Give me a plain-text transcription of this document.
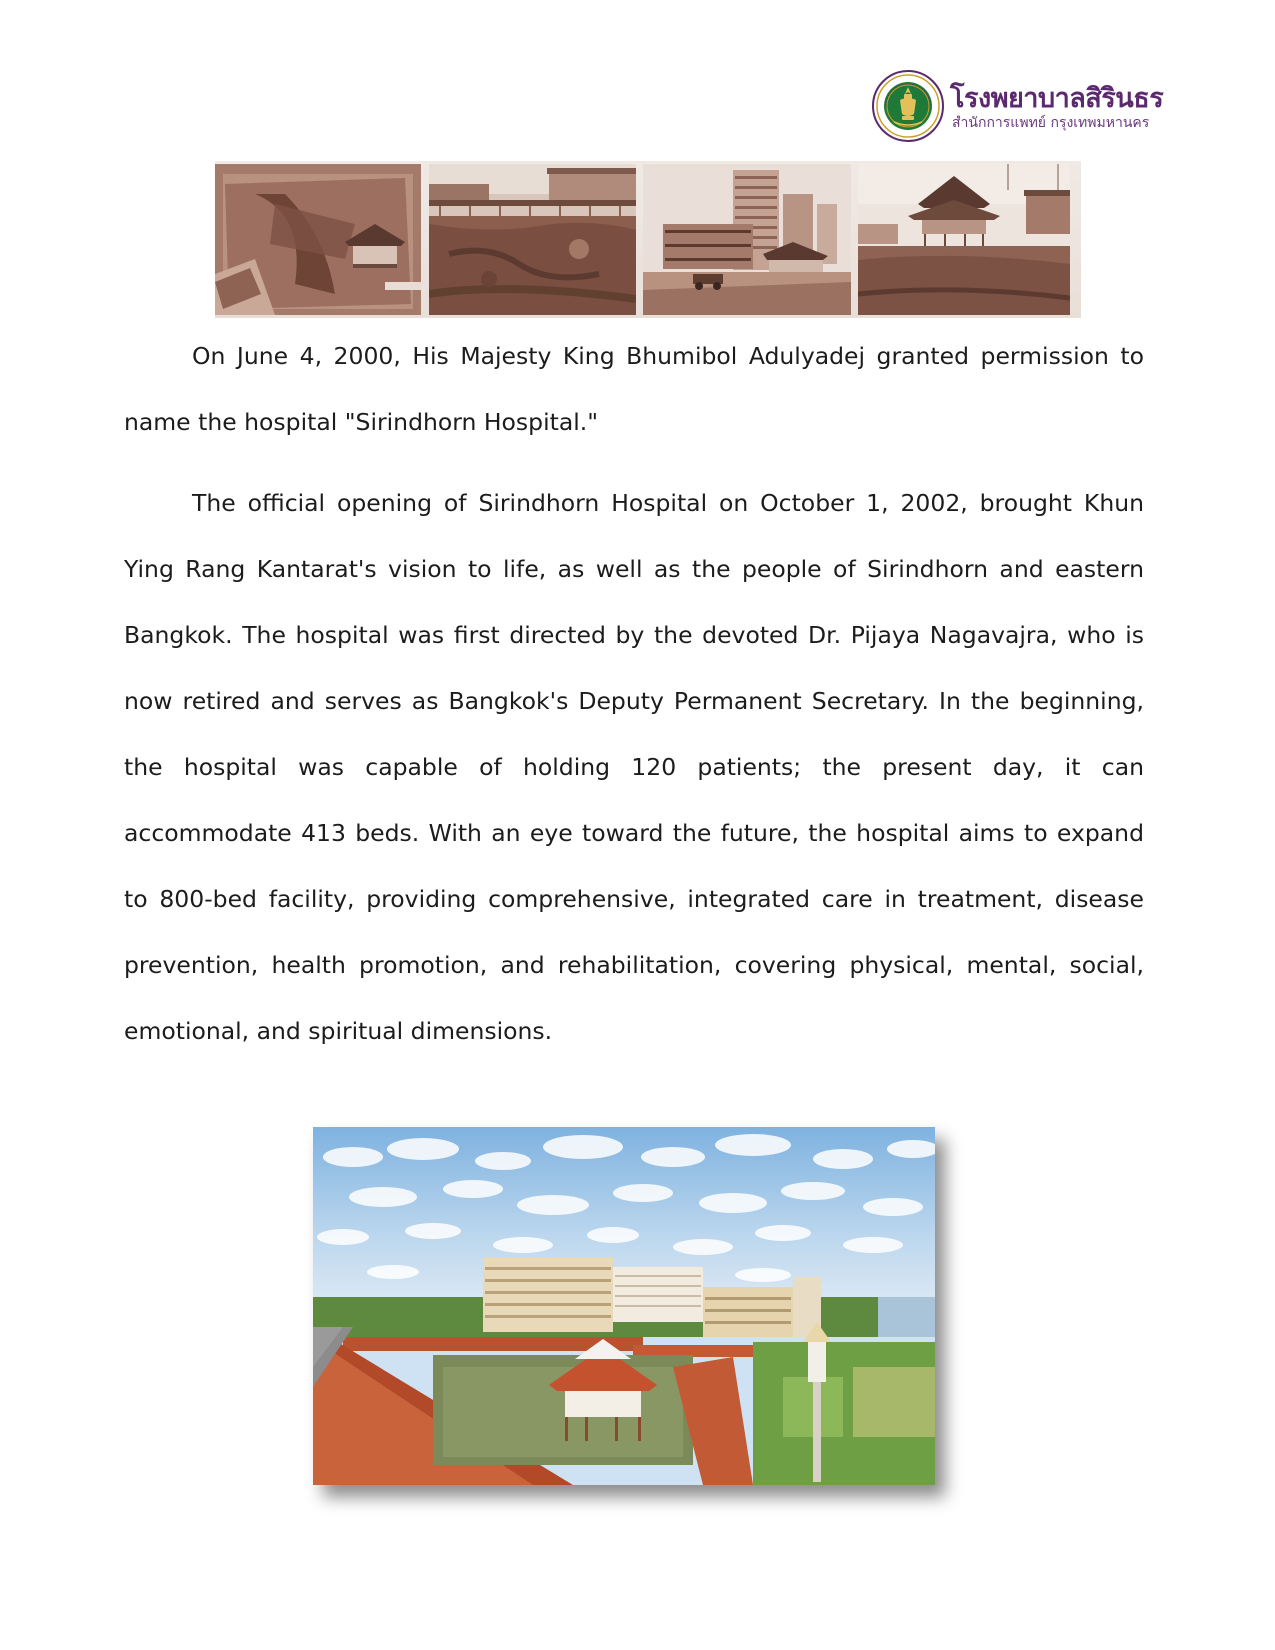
โรงพยาบาลสิรินธร
สำนักการแพทย์ กรุงเทพมหานคร

On June 4, 2000, His Majesty King Bhumibol Adulyadej granted permission to name the hospital "Sirindhorn Hospital."

The official opening of Sirindhorn Hospital on October 1, 2002, brought Khun Ying Rang Kantarat's vision to life, as well as the people of Sirindhorn and eastern Bangkok. The hospital was first directed by the devoted Dr. Pijaya Nagavajra, who is now retired and serves as Bangkok's Deputy Permanent Secretary. In the beginning, the hospital was capable of holding 120 patients; the present day, it can accommodate 413 beds. With an eye toward the future, the hospital aims to expand to 800-bed facility, providing comprehensive, integrated care in treatment, disease prevention, health promotion, and rehabilitation, covering physical, mental, social, emotional, and spiritual dimensions.
